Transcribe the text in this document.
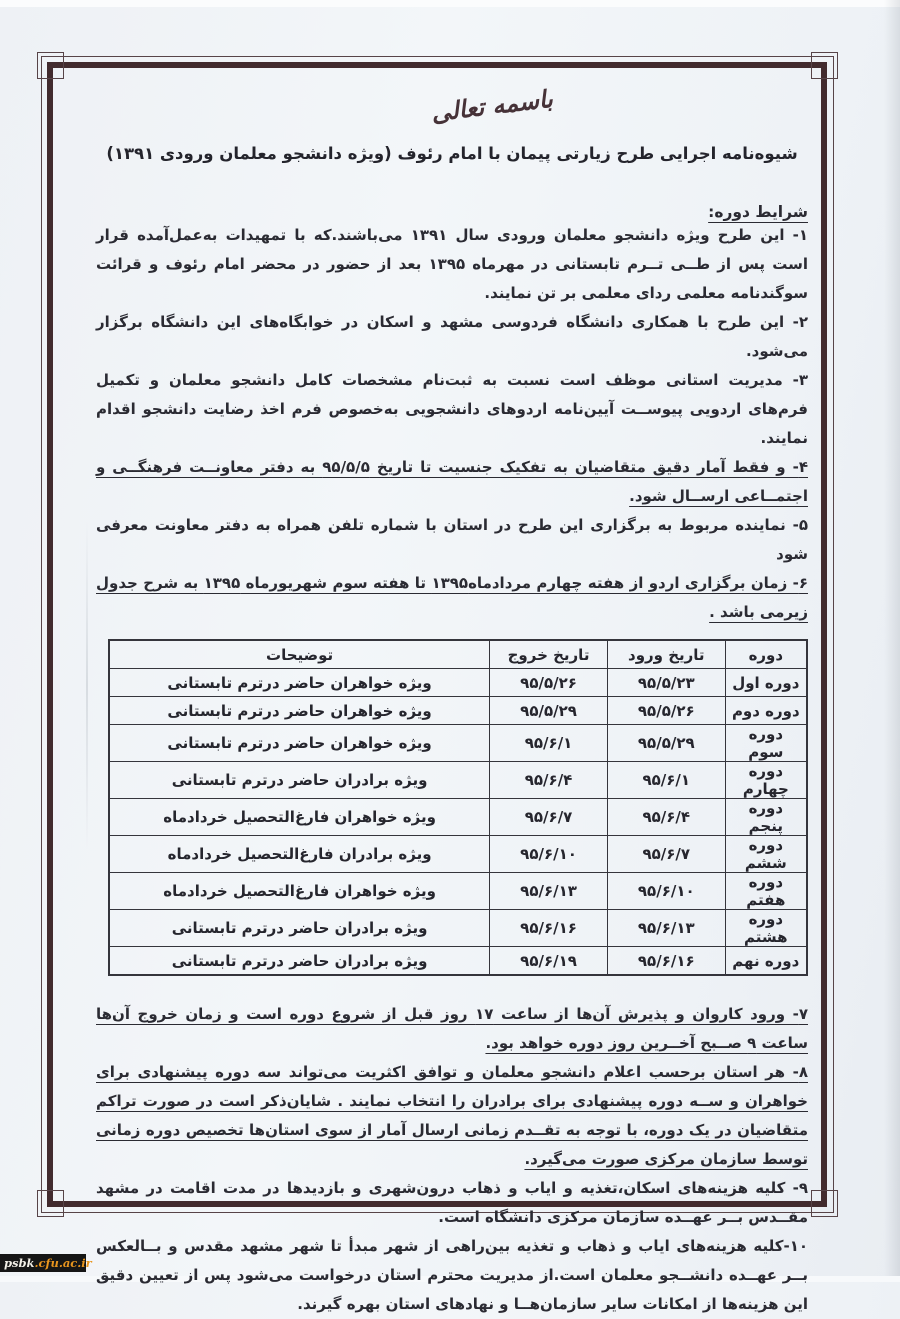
باسمه تعالی
شیوه‌نامه اجرایی طرح زیارتی پیمان با امام رئوف (ویژه دانشجو معلمان ورودی ۱۳۹۱)
شرایط دوره:
۱- این طرح ویژه دانشجو معلمان ورودی سال ۱۳۹۱ می‌باشند.که با تمهیدات به‌عمل‌آمده قرار است پس از طــی تــرم تابستانی در مهرماه ۱۳۹۵ بعد از حضور در محضر امام رئوف و قرائت سوگندنامه معلمی ردای معلمی بر تن نمایند.
۲- این طرح با همکاری دانشگاه فردوسی مشهد و اسکان در خوابگاه‌های این دانشگاه برگزار می‌شود.
۳- مدیریت استانی موظف است نسبت به ثبت‌نام مشخصات کامل دانشجو معلمان و تکمیل فرم‌های اردویی پیوســت آیین‌نامه اردوهای دانشجویی به‌خصوص فرم اخذ رضایت دانشجو اقدام نمایند.
۴- و فقط آمار دقیق متقاضیان به تفکیک جنسیت تا تاریخ ۹۵/۵/۵ به دفتر معاونــت فرهنگــی و اجتمــاعی ارســال شود.
۵- نماینده مربوط به برگزاری این طرح در استان با شماره تلفن همراه به دفتر معاونت معرفی شود
۶- زمان برگزاری اردو از هفته چهارم مردادماه۱۳۹۵ تا هفته سوم شهریورماه ۱۳۹۵ به شرح جدول زیرمی باشد .
دوره	تاریخ ورود	تاریخ خروج	توضیحات
دوره اول	۹۵/۵/۲۳	۹۵/۵/۲۶	ویژه خواهران حاضر درترم تابستانی
دوره دوم	۹۵/۵/۲۶	۹۵/۵/۲۹	ویژه خواهران حاضر درترم تابستانی
دوره سوم	۹۵/۵/۲۹	۹۵/۶/۱	ویژه خواهران حاضر درترم تابستانی
دوره چهارم	۹۵/۶/۱	۹۵/۶/۴	ویژه برادران حاضر درترم تابستانی
دوره پنجم	۹۵/۶/۴	۹۵/۶/۷	ویژه خواهران فارغ‌التحصیل خردادماه
دوره ششم	۹۵/۶/۷	۹۵/۶/۱۰	ویژه برادران فارغ‌التحصیل خردادماه
دوره هفتم	۹۵/۶/۱۰	۹۵/۶/۱۳	ویژه خواهران فارغ‌التحصیل خردادماه
دوره هشتم	۹۵/۶/۱۳	۹۵/۶/۱۶	ویژه برادران حاضر درترم تابستانی
دوره نهم	۹۵/۶/۱۶	۹۵/۶/۱۹	ویژه برادران حاضر درترم تابستانی
۷- ورود کاروان و پذیرش آن‌ها از ساعت ۱۷ روز قبل از شروع دوره است و زمان خروج آن‌ها ساعت ۹ صــبح آخــرین روز دوره خواهد بود.
۸- هر استان برحسب اعلام دانشجو معلمان و توافق اکثریت می‌تواند سه دوره پیشنهادی برای خواهران و ســه دوره پیشنهادی برای برادران را انتخاب نمایند . شایان‌ذکر است در صورت تراکم متقاضیان در یک دوره، با توجه به تقــدم زمانی ارسال آمار از سوی استان‌ها تخصیص دوره زمانی توسط سازمان مرکزی صورت می‌گیرد.
۹- کلیه هزینه‌های اسکان،تغذیه و ایاب و ذهاب درون‌شهری و بازدیدها در مدت اقامت در مشهد مقــدس بــر عهــده سازمان مرکزی دانشگاه است.
۱۰-کلیه هزینه‌های ایاب و ذهاب و تغذیه بین‌راهی از شهر مبدأ تا شهر مشهد مقدس و بــالعکس بــر عهــده دانشــجو معلمان است.از مدیریت محترم استان درخواست می‌شود پس از تعیین دقیق این هزینه‌ها از امکانات سایر سازمان‌هــا و نهادهای استان بهره گیرند.
psbk .cfu.ac.ir
